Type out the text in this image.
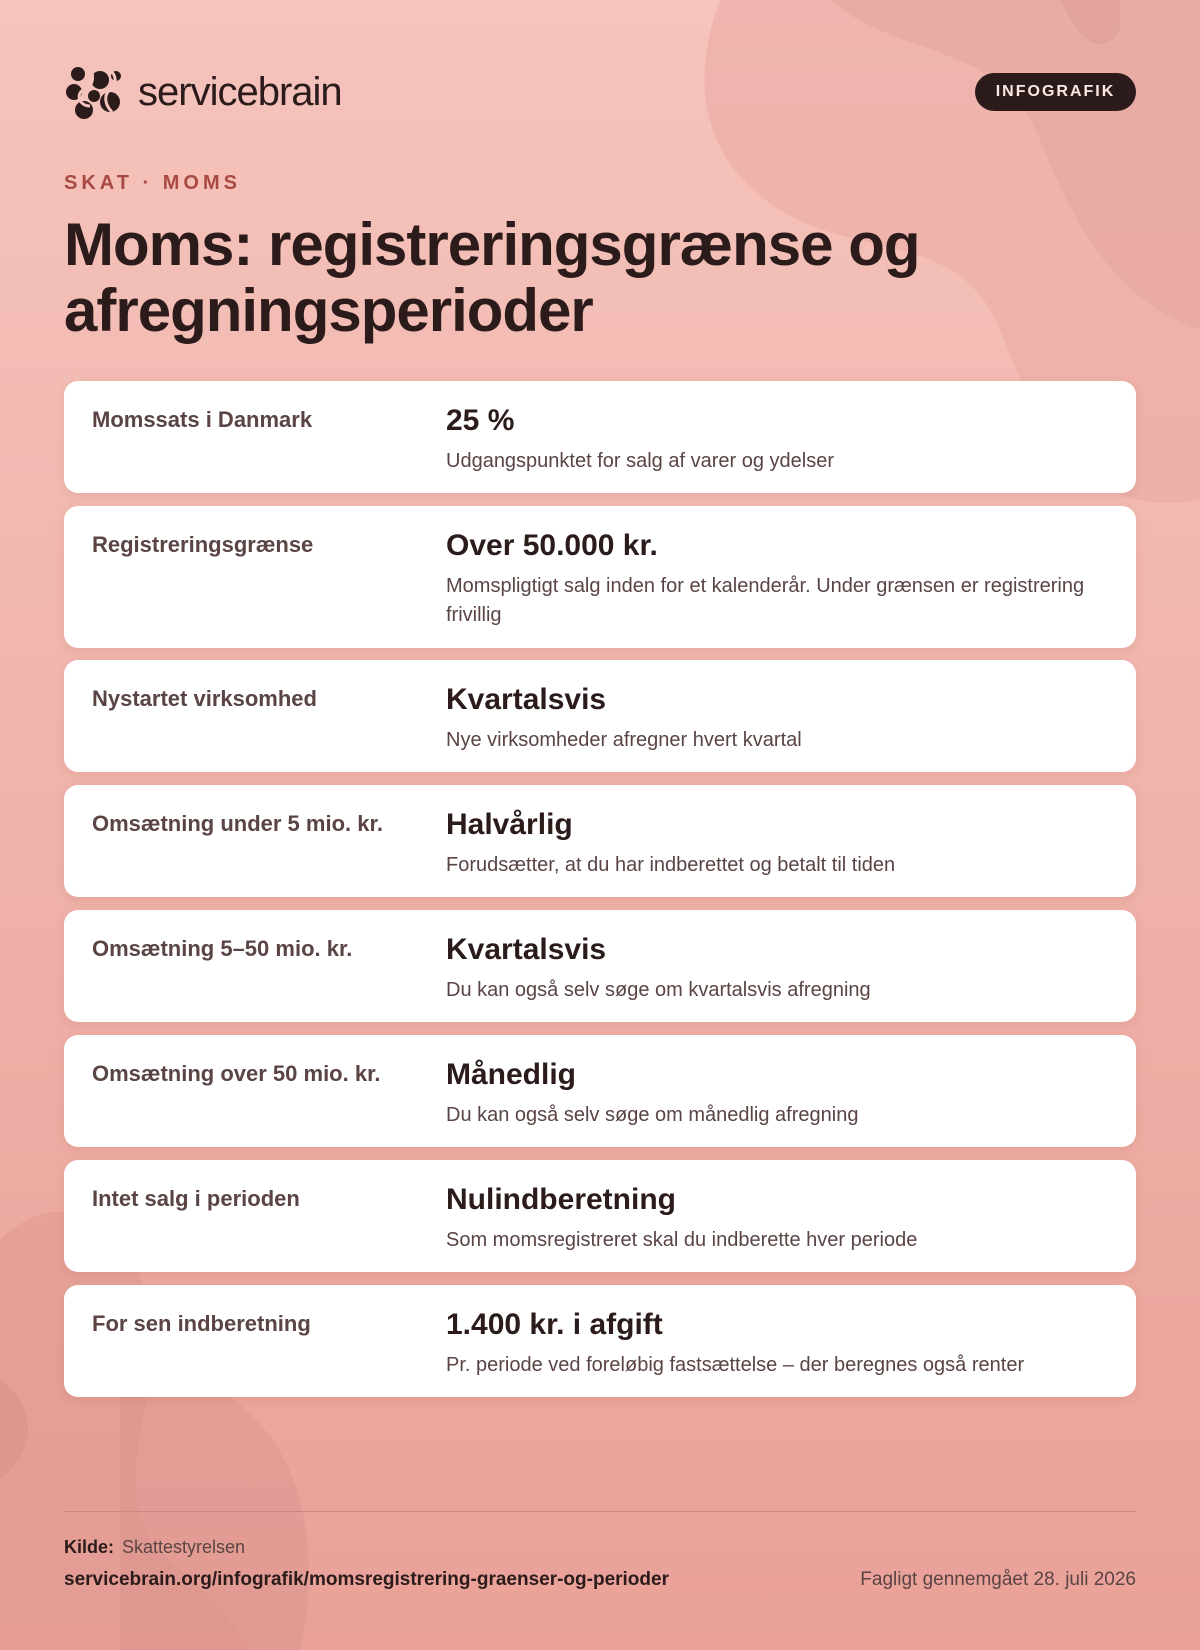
servicebrain	INFOGRAFIK
SKAT · MOMS
Moms: registreringsgrænse og afregningsperioder
Momssats i Danmark	25 %
Udgangspunktet for salg af varer og ydelser
Registreringsgrænse	Over 50.000 kr.
Momspligtigt salg inden for et kalenderår. Under grænsen er registrering frivillig
Nystartet virksomhed	Kvartalsvis
Nye virksomheder afregner hvert kvartal
Omsætning under 5 mio. kr.	Halvårlig
Forudsætter, at du har indberettet og betalt til tiden
Omsætning 5–50 mio. kr.	Kvartalsvis
Du kan også selv søge om kvartalsvis afregning
Omsætning over 50 mio. kr.	Månedlig
Du kan også selv søge om månedlig afregning
Intet salg i perioden	Nulindberetning
Som momsregistreret skal du indberette hver periode
For sen indberetning	1.400 kr. i afgift
Pr. periode ved foreløbig fastsættelse – der beregnes også renter
Kilde: Skattestyrelsen
servicebrain.org/infografik/momsregistrering-graenser-og-perioder	Fagligt gennemgået 28. juli 2026
